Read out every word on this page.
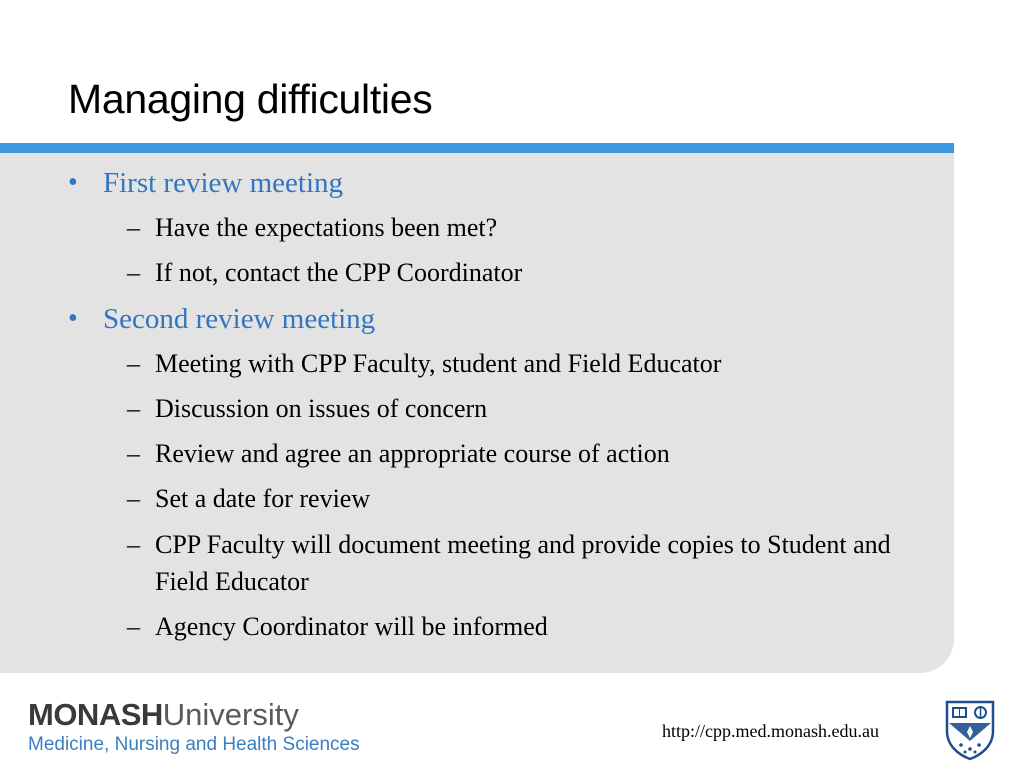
Managing difficulties
• First review meeting
– Have the expectations been met?
– If not, contact the CPP Coordinator
• Second review meeting
– Meeting with CPP Faculty, student and Field Educator
– Discussion on issues of concern
– Review and agree an appropriate course of action
– Set a date for review
– CPP Faculty will document meeting and provide copies to Student and Field Educator
– Agency Coordinator will be informed
MONASHUniversity
Medicine, Nursing and Health Sciences
http://cpp.med.monash.edu.au
